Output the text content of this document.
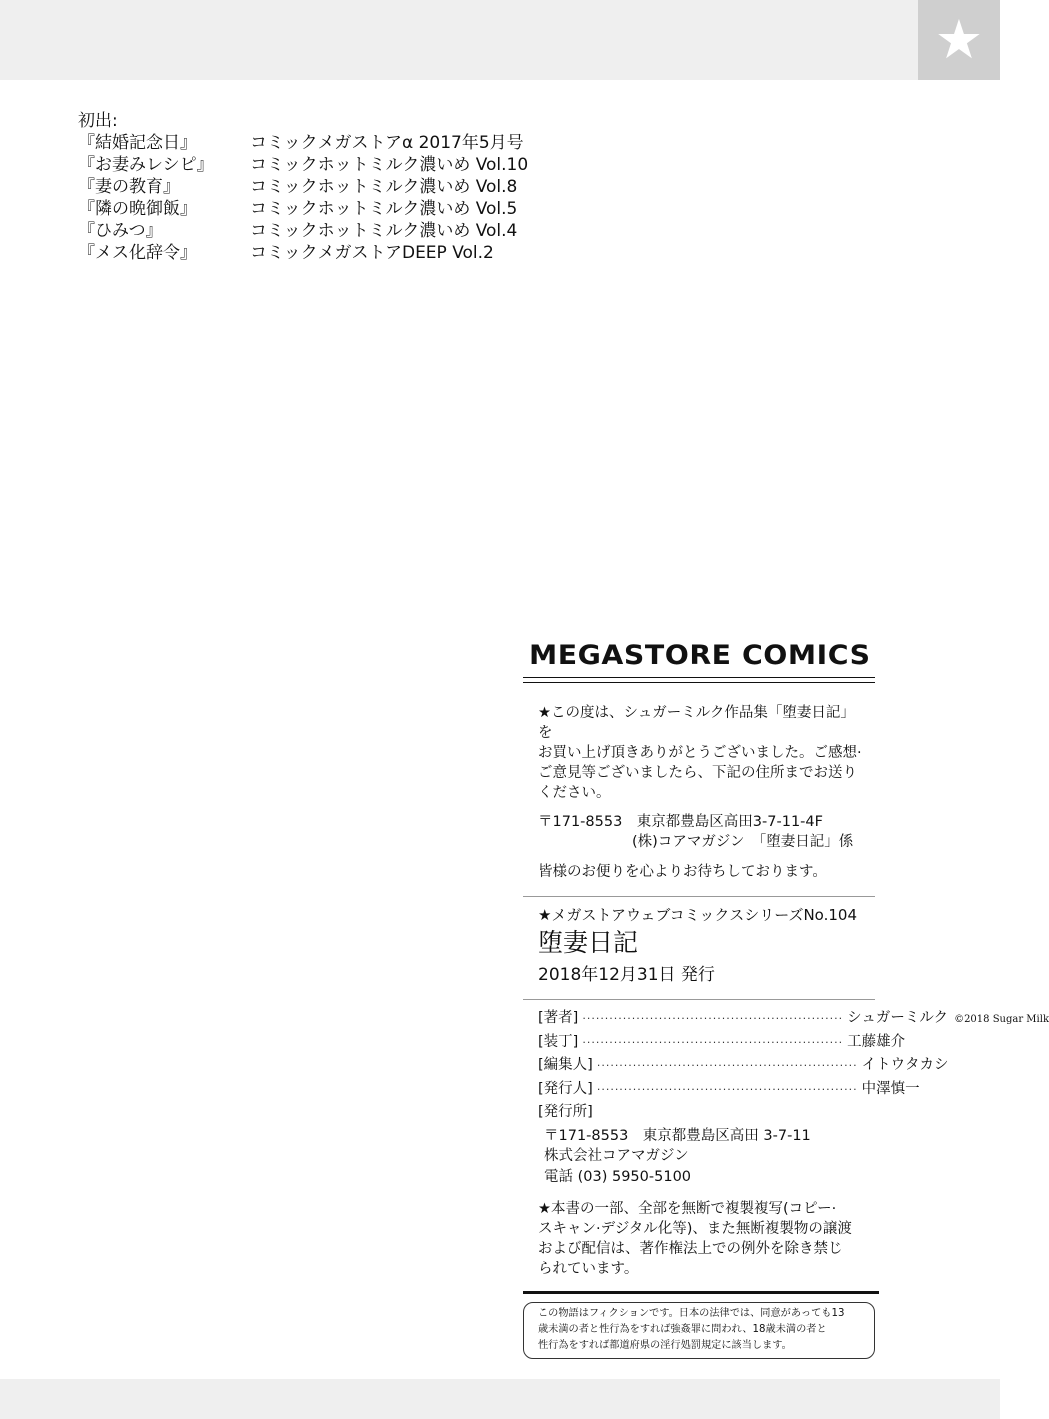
★
初出:
『結婚記念日』	コミックメガストアα 2017年5月号
『お妻みレシピ』	コミックホットミルク濃いめ Vol.10
『妻の教育』	コミックホットミルク濃いめ Vol.8
『隣の晩御飯』	コミックホットミルク濃いめ Vol.5
『ひみつ』	コミックホットミルク濃いめ Vol.4
『メス化辞令』	コミックメガストアDEEP Vol.2
MEGASTORE COMICS
★この度は、シュガーミルク作品集「堕妻日記」を
お買い上げ頂きありがとうございました。ご感想·
ご意見等ございましたら、下記の住所までお送り
ください。
〒171-8553　東京都豊島区高田3-7-11-4F
(株)コアマガジン　「堕妻日記」係
皆様のお便りを心よりお待ちしております。
★メガストアウェブコミックスシリーズNo.104
堕妻日記
2018年12月31日 発行
[著者] ·························································· シュガーミルク ©2018 Sugar Milk
[装丁] ·························································· 工藤雄介
[編集人] ·························································· イトウタカシ
[発行人] ·························································· 中澤慎一
[発行所]
〒171-8553　東京都豊島区高田 3-7-11
株式会社コアマガジン
電話 (03) 5950-5100
★本書の一部、全部を無断で複製複写(コピー·
スキャン·デジタル化等)、また無断複製物の譲渡
および配信は、著作権法上での例外を除き禁じ
られています。
この物語はフィクションです。日本の法律では、同意があっても13
歳未満の者と性行為をすれば強姦罪に問われ、18歳未満の者と
性行為をすれば都道府県の淫行処罰規定に該当します。
